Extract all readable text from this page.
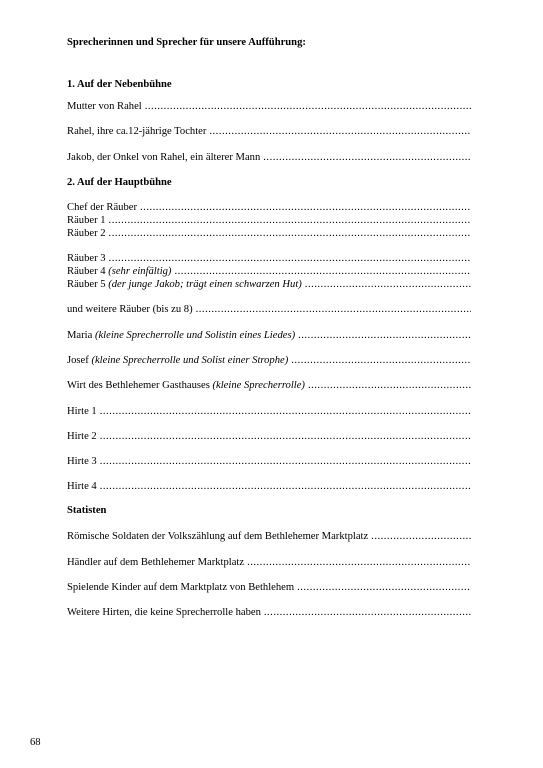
Sprecherinnen und Sprecher für unsere Aufführung:
1. Auf der Nebenbühne
Mutter von Rahel
.....
Rahel, ihre ca.12-jährige Tochter
.....
Jakob, der Onkel von Rahel, ein älterer Mann
.....
2. Auf der Hauptbühne
Chef der Räuber
.....
Räuber 1
.....
Räuber 2
.....
Räuber 3
.....
Räuber 4 (sehr einfältig)
.....
Räuber 5 (der junge Jakob; trägt einen schwarzen Hut)
.....
und weitere Räuber (bis zu 8)
.....
Maria (kleine Sprecherrolle und Solistin eines Liedes)
.....
Josef (kleine Sprecherrolle und Solist einer Strophe)
.....
Wirt des Bethlehemer Gasthauses (kleine Sprecherrolle)
.....
Hirte 1
.....
Hirte 2
.....
Hirte 3
.....
Hirte 4
.....
Statisten
Römische Soldaten der Volkszählung auf dem Bethlehemer Marktplatz
.....
Händler auf dem Bethlehemer Marktplatz
.....
Spielende Kinder auf dem Marktplatz von Bethlehem
.....
Weitere Hirten, die keine Sprecherrolle haben
.....
68
